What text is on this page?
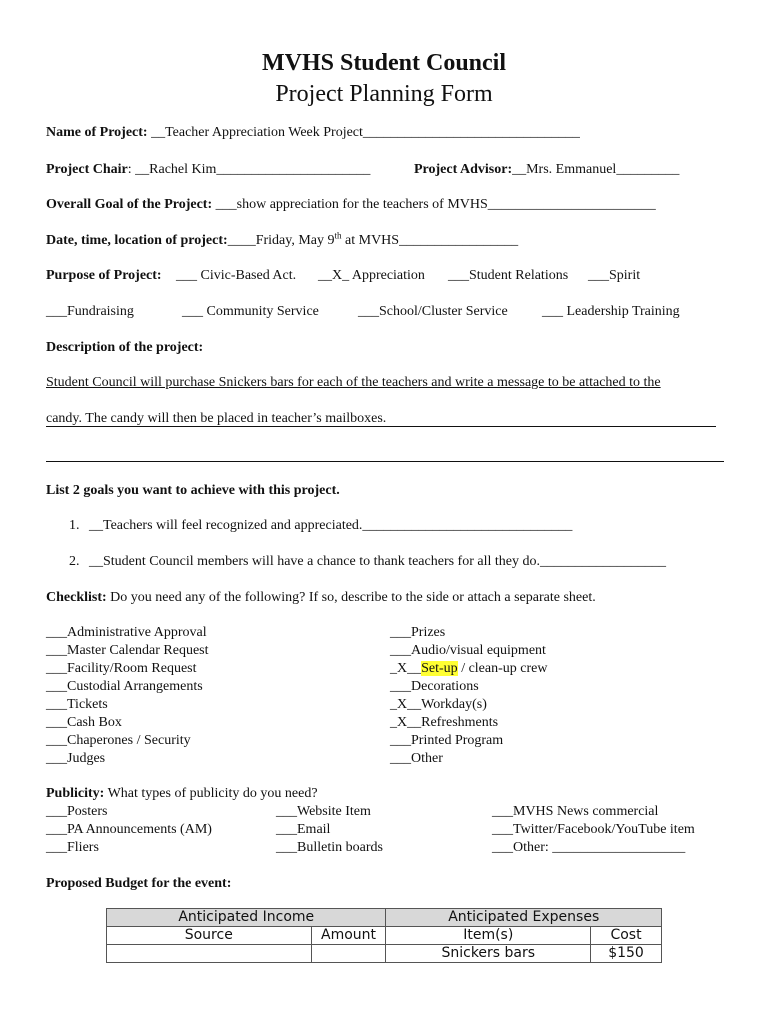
MVHS Student Council
Project Planning Form
Name of Project: __Teacher Appreciation Week Project_______________________________
Project Chair: __Rachel Kim______________________	Project Advisor:__Mrs. Emmanuel_________
Overall Goal of the Project: ___show appreciation for the teachers of MVHS________________________
Date, time, location of project:____Friday, May 9th at MVHS_________________
Purpose of Project: ___ Civic-Based Act. __X_ Appreciation ___Student Relations ___Spirit
___Fundraising	___ Community Service	___School/Cluster Service ___ Leadership Training
Description of the project:
Student Council will purchase Snickers bars for each of the teachers and write a message to be attached to the
candy. The candy will then be placed in teacher’s mailboxes.
List 2 goals you want to achieve with this project.
1. __Teachers will feel recognized and appreciated.______________________________
2. __Student Council members will have a chance to thank teachers for all they do.__________________
Checklist: Do you need any of the following? If so, describe to the side or attach a separate sheet.
___Administrative Approval
___Master Calendar Request
___Facility/Room Request
___Custodial Arrangements
___Tickets
___Cash Box
___Chaperones / Security
___Judges
___Prizes
___Audio/visual equipment
_X__Set-up / clean-up crew
___Decorations
_X__Workday(s)
_X__Refreshments
___Printed Program
___Other
Publicity: What types of publicity do you need?
___Posters
___PA Announcements (AM)
___Fliers
___Website Item
___Email
___Bulletin boards
___MVHS News commercial
___Twitter/Facebook/YouTube item
___Other: ___________________
Proposed Budget for the event:
Anticipated Income		Anticipated Expenses	
Source	Amount	Item(s)	Cost
		Snickers bars	$150
